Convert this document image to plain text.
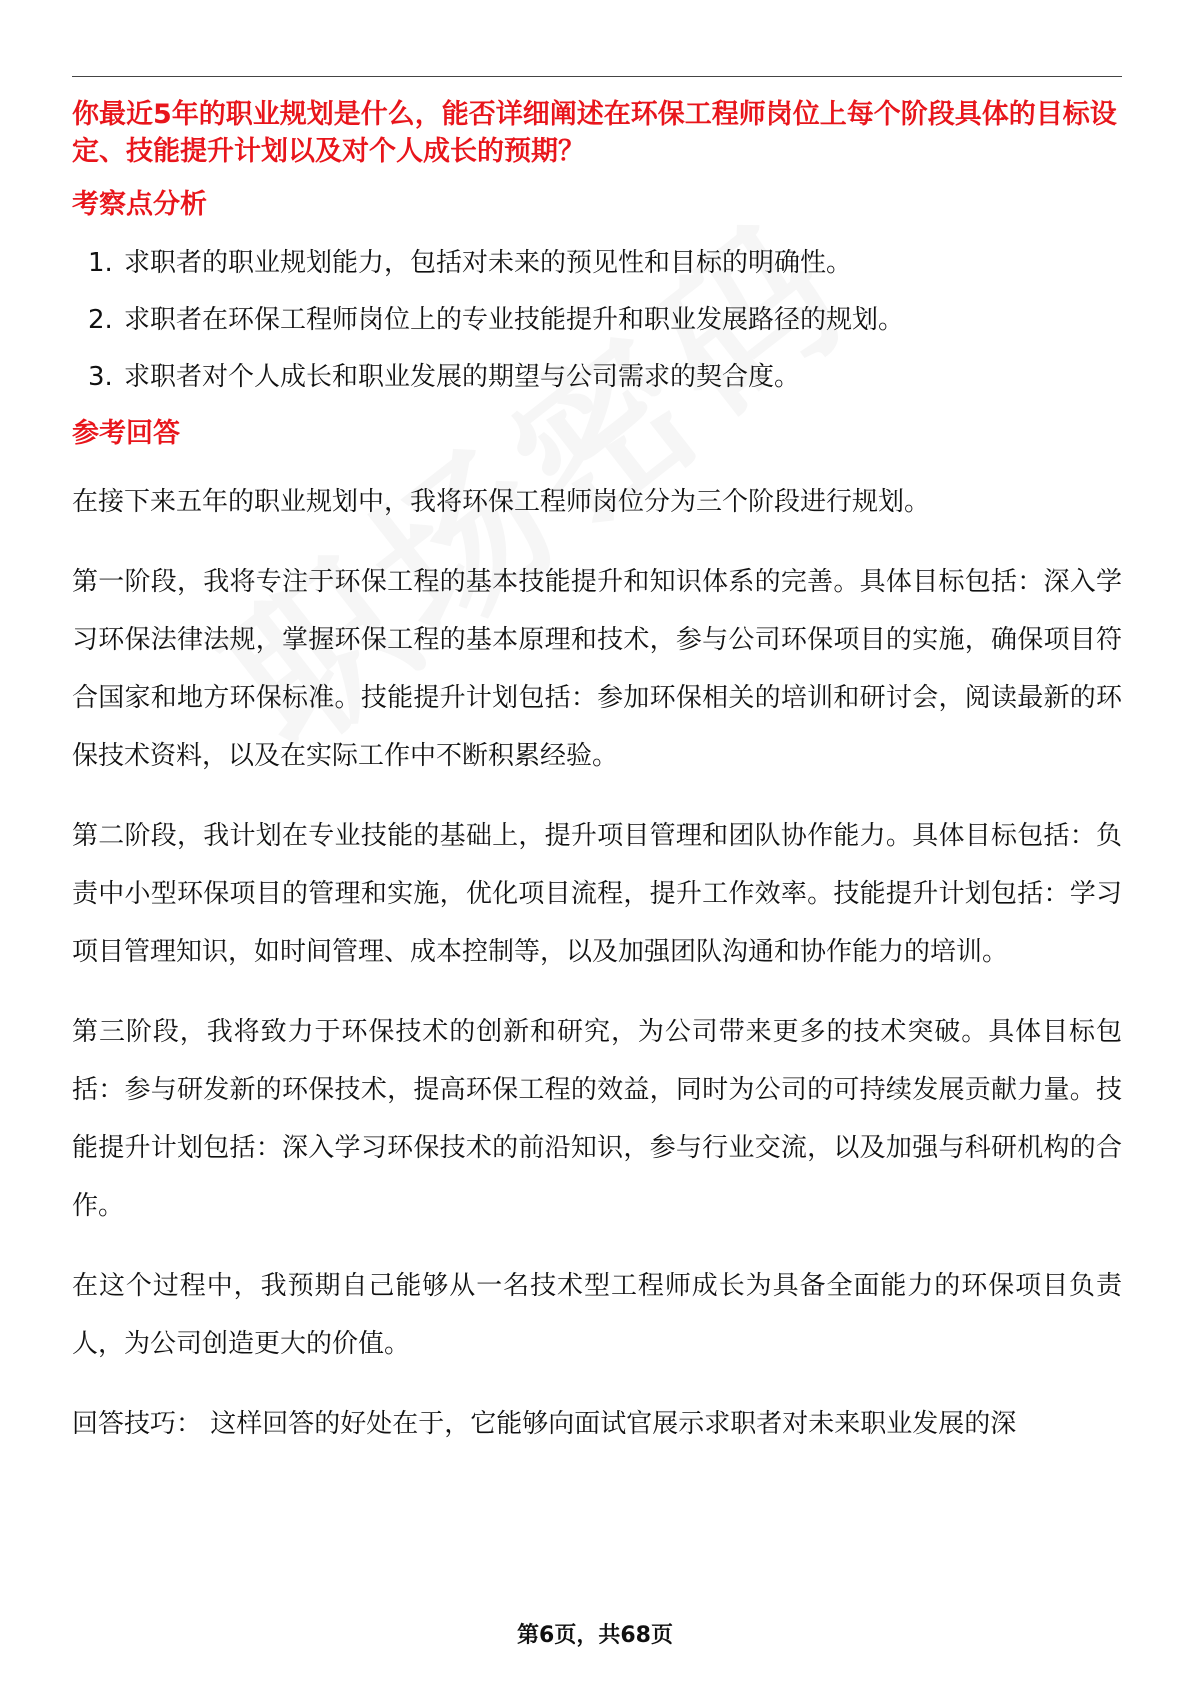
你最近5年的职业规划是什么，能否详细阐述在环保工程师岗位上每个阶段具体的目标设定、技能提升计划以及对个人成长的预期？

考察点分析
1. 求职者的职业规划能力，包括对未来的预见性和目标的明确性。
2. 求职者在环保工程师岗位上的专业技能提升和职业发展路径的规划。
3. 求职者对个人成长和职业发展的期望与公司需求的契合度。
参考回答

在接下来五年的职业规划中，我将环保工程师岗位分为三个阶段进行规划。

第一阶段，我将专注于环保工程的基本技能提升和知识体系的完善。具体目标包括：深入学习环保法律法规，掌握环保工程的基本原理和技术，参与公司环保项目的实施，确保项目符合国家和地方环保标准。技能提升计划包括：参加环保相关的培训和研讨会，阅读最新的环保技术资料，以及在实际工作中不断积累经验。

第二阶段，我计划在专业技能的基础上，提升项目管理和团队协作能力。具体目标包括：负责中小型环保项目的管理和实施，优化项目流程，提升工作效率。技能提升计划包括：学习项目管理知识，如时间管理、成本控制等，以及加强团队沟通和协作能力的培训。

第三阶段，我将致力于环保技术的创新和研究，为公司带来更多的技术突破。具体目标包括：参与研发新的环保技术，提高环保工程的效益，同时为公司的可持续发展贡献力量。技能提升计划包括：深入学习环保技术的前沿知识，参与行业交流，以及加强与科研机构的合作。

在这个过程中，我预期自己能够从一名技术型工程师成长为具备全面能力的环保项目负责人，为公司创造更大的价值。

回答技巧： 这样回答的好处在于，它能够向面试官展示求职者对未来职业发展的深

第6页，共68页
